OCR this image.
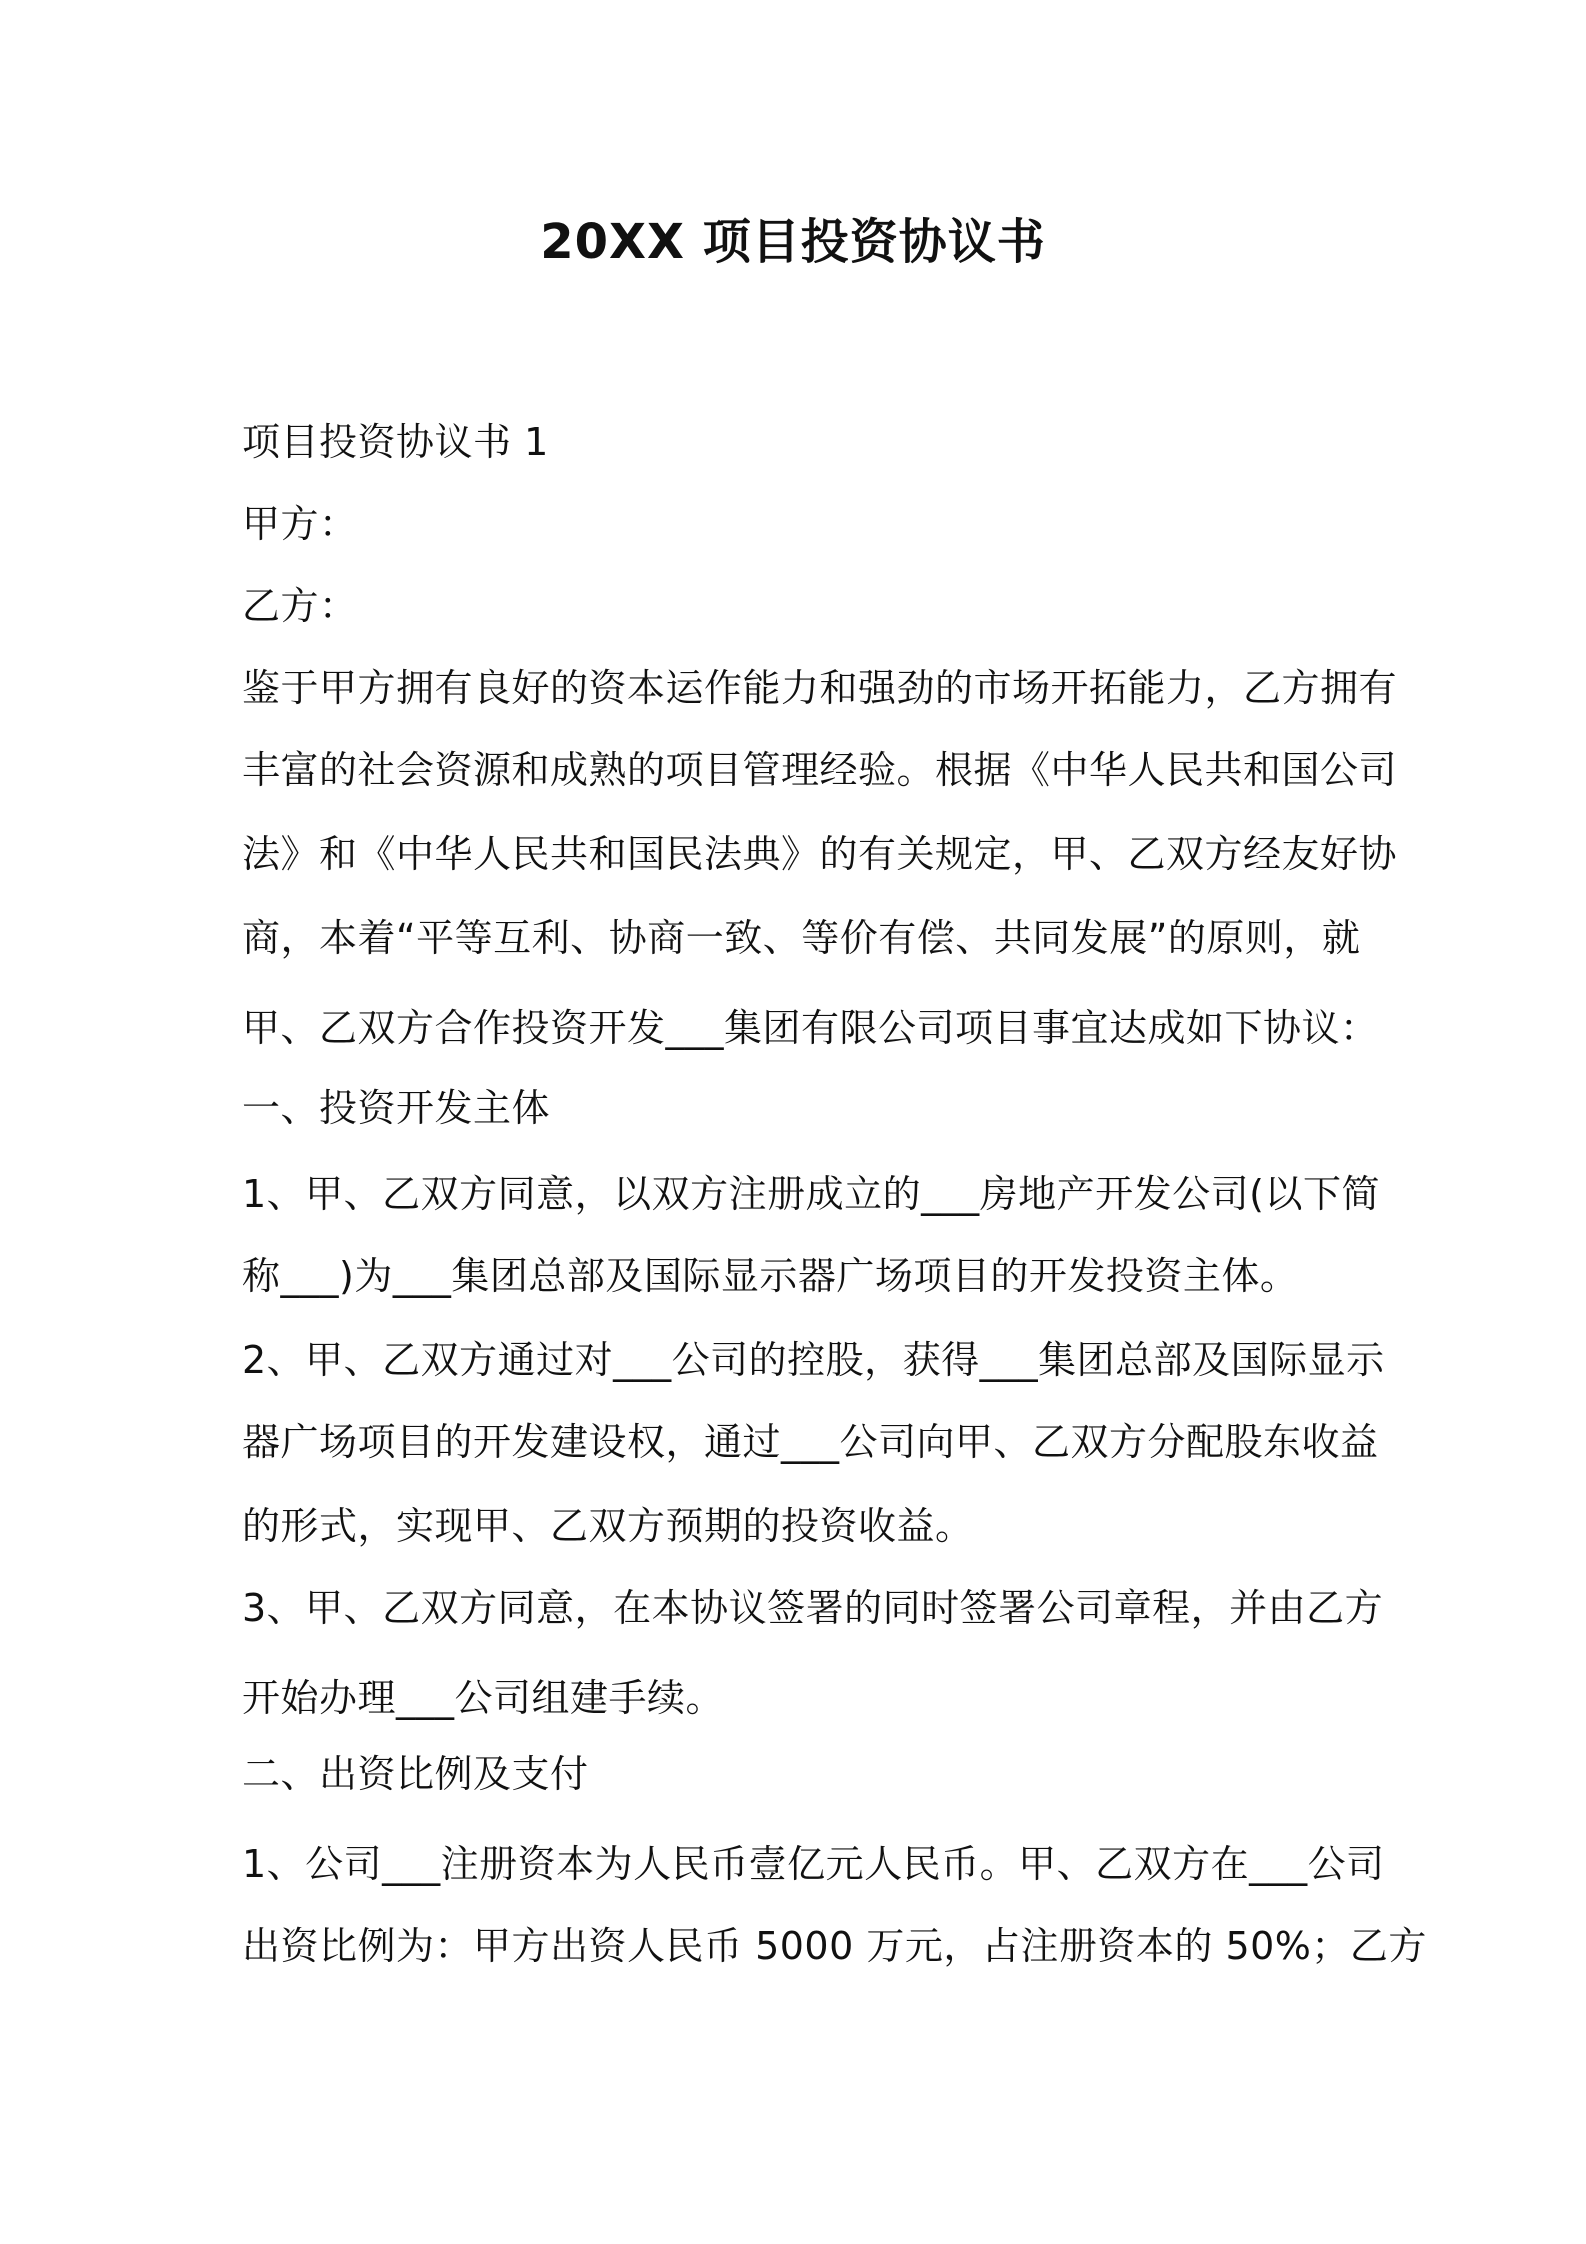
20XX 项目投资协议书
项目投资协议书 1
甲方：
乙方：
鉴于甲方拥有良好的资本运作能力和强劲的市场开拓能力，乙方拥有
丰富的社会资源和成熟的项目管理经验。根据《中华人民共和国公司
法》和《中华人民共和国民法典》的有关规定，甲、乙双方经友好协
商，本着“平等互利、协商一致、等价有偿、共同发展”的原则，就
甲、乙双方合作投资开发___集团有限公司项目事宜达成如下协议：
一、投资开发主体
1、甲、乙双方同意，以双方注册成立的___房地产开发公司(以下简
称___)为___集团总部及国际显示器广场项目的开发投资主体。
2、甲、乙双方通过对___公司的控股，获得___集团总部及国际显示
器广场项目的开发建设权，通过___公司向甲、乙双方分配股东收益
的形式，实现甲、乙双方预期的投资收益。
3、甲、乙双方同意，在本协议签署的同时签署公司章程，并由乙方
开始办理___公司组建手续。
二、出资比例及支付
1、公司___注册资本为人民币壹亿元人民币。甲、乙双方在___公司
出资比例为：甲方出资人民币 5000 万元，占注册资本的 50%；乙方
